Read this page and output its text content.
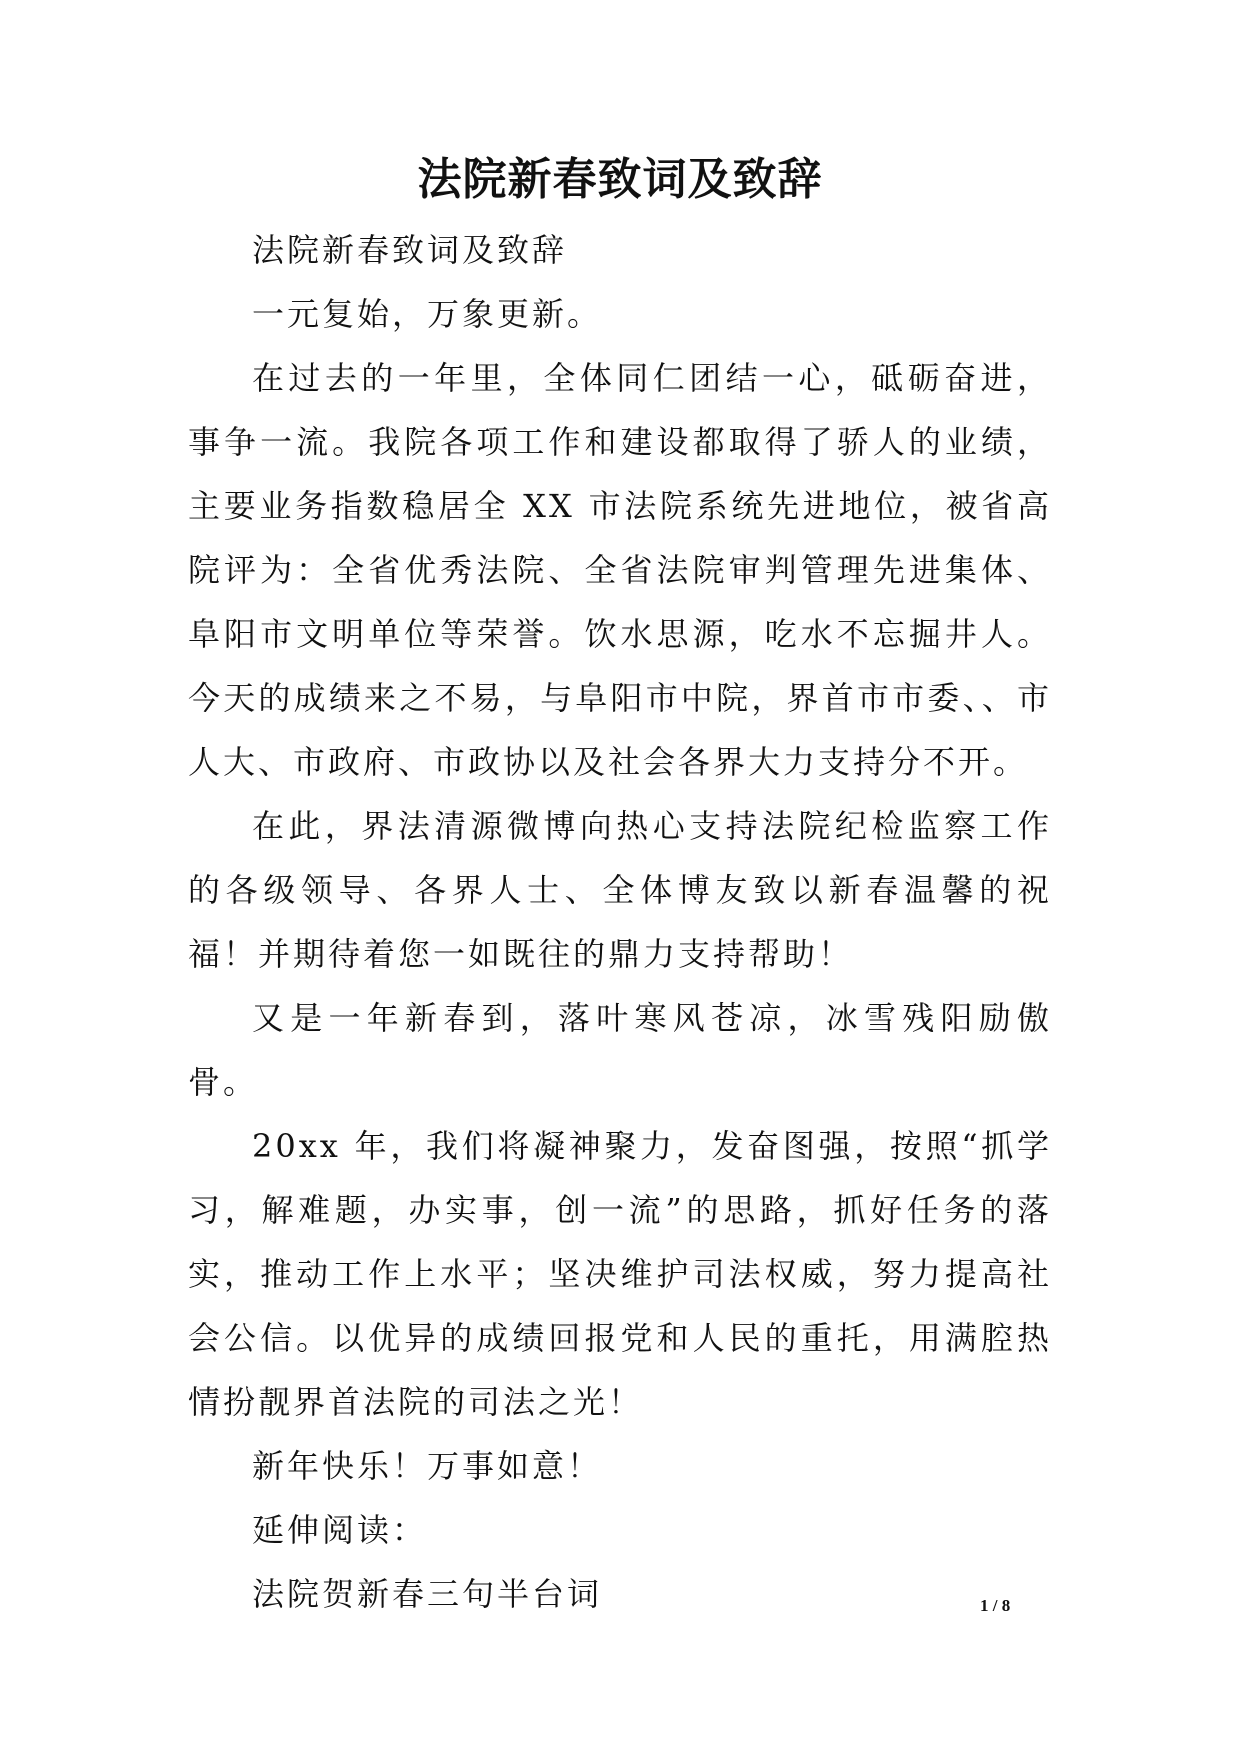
法院新春致词及致辞

法院新春致词及致辞

一元复始，万象更新。

在过去的一年里，全体同仁团结一心，砥砺奋进，事争一流。我院各项工作和建设都取得了骄人的业绩，主要业务指数稳居全 XX 市法院系统先进地位，被省高院评为：全省优秀法院、全省法院审判管理先进集体、阜阳市文明单位等荣誉。饮水思源，吃水不忘掘井人。今天的成绩来之不易，与阜阳市中院，界首市市委、、市人大、市政府、市政协以及社会各界大力支持分不开。

在此，界法清源微博向热心支持法院纪检监察工作的各级领导、各界人士、全体博友致以新春温馨的祝福！并期待着您一如既往的鼎力支持帮助！

又是一年新春到，落叶寒风苍凉，冰雪残阳励傲骨。

20xx 年，我们将凝神聚力，发奋图强，按照“抓学习，解难题，办实事，创一流”的思路，抓好任务的落实，推动工作上水平；坚决维护司法权威，努力提高社会公信。以优异的成绩回报党和人民的重托，用满腔热情扮靓界首法院的司法之光！

新年快乐！万事如意！

延伸阅读：

法院贺新春三句半台词	1 / 8
